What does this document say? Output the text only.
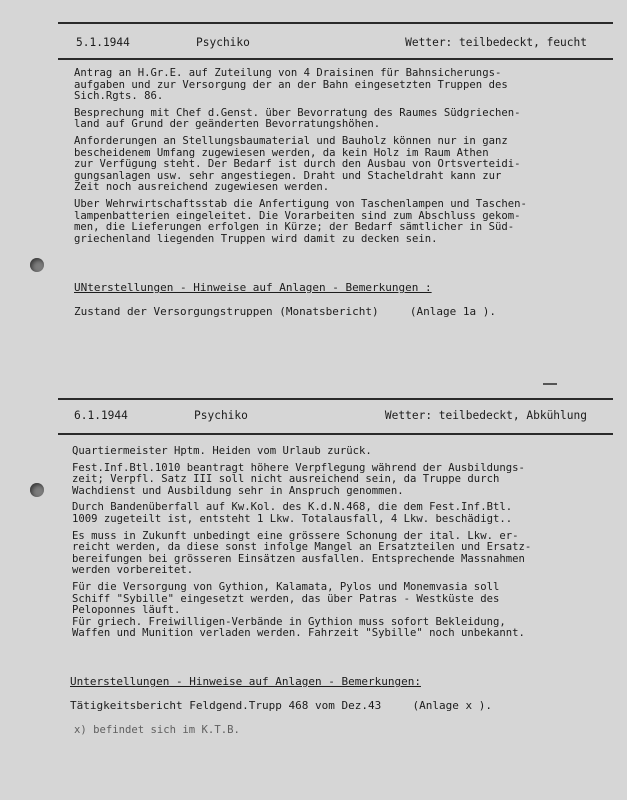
5.1.1944	Psychiko	Wetter: teilbedeckt, feucht
Antrag an H.Gr.E. auf Zuteilung von 4 Draisinen für Bahnsicherungs-
aufgaben und zur Versorgung der an der Bahn eingesetzten Truppen des
Sich.Rgts. 86.
Besprechung mit Chef d.Genst. über Bevorratung des Raumes Südgriechen-
land auf Grund der geänderten Bevorratungshöhen.
Anforderungen an Stellungsbaumaterial und Bauholz können nur in ganz
bescheidenem Umfang zugewiesen werden, da kein Holz im Raum Athen
zur Verfügung steht. Der Bedarf ist durch den Ausbau von Ortsverteidi-
gungsanlagen usw. sehr angestiegen. Draht und Stacheldraht kann zur
Zeit noch ausreichend zugewiesen werden.
Über Wehrwirtschaftsstab die Anfertigung von Taschenlampen und Taschen-
lampenbatterien eingeleitet. Die Vorarbeiten sind zum Abschluss gekom-
men, die Lieferungen erfolgen in Kürze; der Bedarf sämtlicher in Süd-
griechenland liegenden Truppen wird damit zu decken sein.
UNterstellungen - Hinweise auf Anlagen - Bemerkungen :
Zustand der Versorgungstruppen (Monatsbericht)	(Anlage 1a ).
6.1.1944	Psychiko	Wetter: teilbedeckt, Abkühlung
Quartiermeister Hptm. Heiden vom Urlaub zurück.
Fest.Inf.Btl.1010 beantragt höhere Verpflegung während der Ausbildungs-
zeit; Verpfl. Satz III soll nicht ausreichend sein, da Truppe durch
Wachdienst und Ausbildung sehr in Anspruch genommen.
Durch Bandenüberfall auf Kw.Kol. des K.d.N.468, die dem Fest.Inf.Btl.
1009 zugeteilt ist, entsteht 1 Lkw. Totalausfall, 4 Lkw. beschädigt..
Es muss in Zukunft unbedingt eine grössere Schonung der ital. Lkw. er-
reicht werden, da diese sonst infolge Mangel an Ersatzteilen und Ersatz-
bereifungen bei grösseren Einsätzen ausfallen. Entsprechende Massnahmen
werden vorbereitet.
Für die Versorgung von Gythion, Kalamata, Pylos und Monemvasia soll
Schiff "Sybille" eingesetzt werden, das über Patras - Westküste des
Peloponnes läuft.
Für griech. Freiwilligen-Verbände in Gythion muss sofort Bekleidung,
Waffen und Munition verladen werden. Fahrzeit "Sybille" noch unbekannt.
Unterstellungen - Hinweise auf Anlagen - Bemerkungen:
Tätigkeitsbericht Feldgend.Trupp 468 vom Dez.43	(Anlage x ).
x) befindet sich im K.T.B.
